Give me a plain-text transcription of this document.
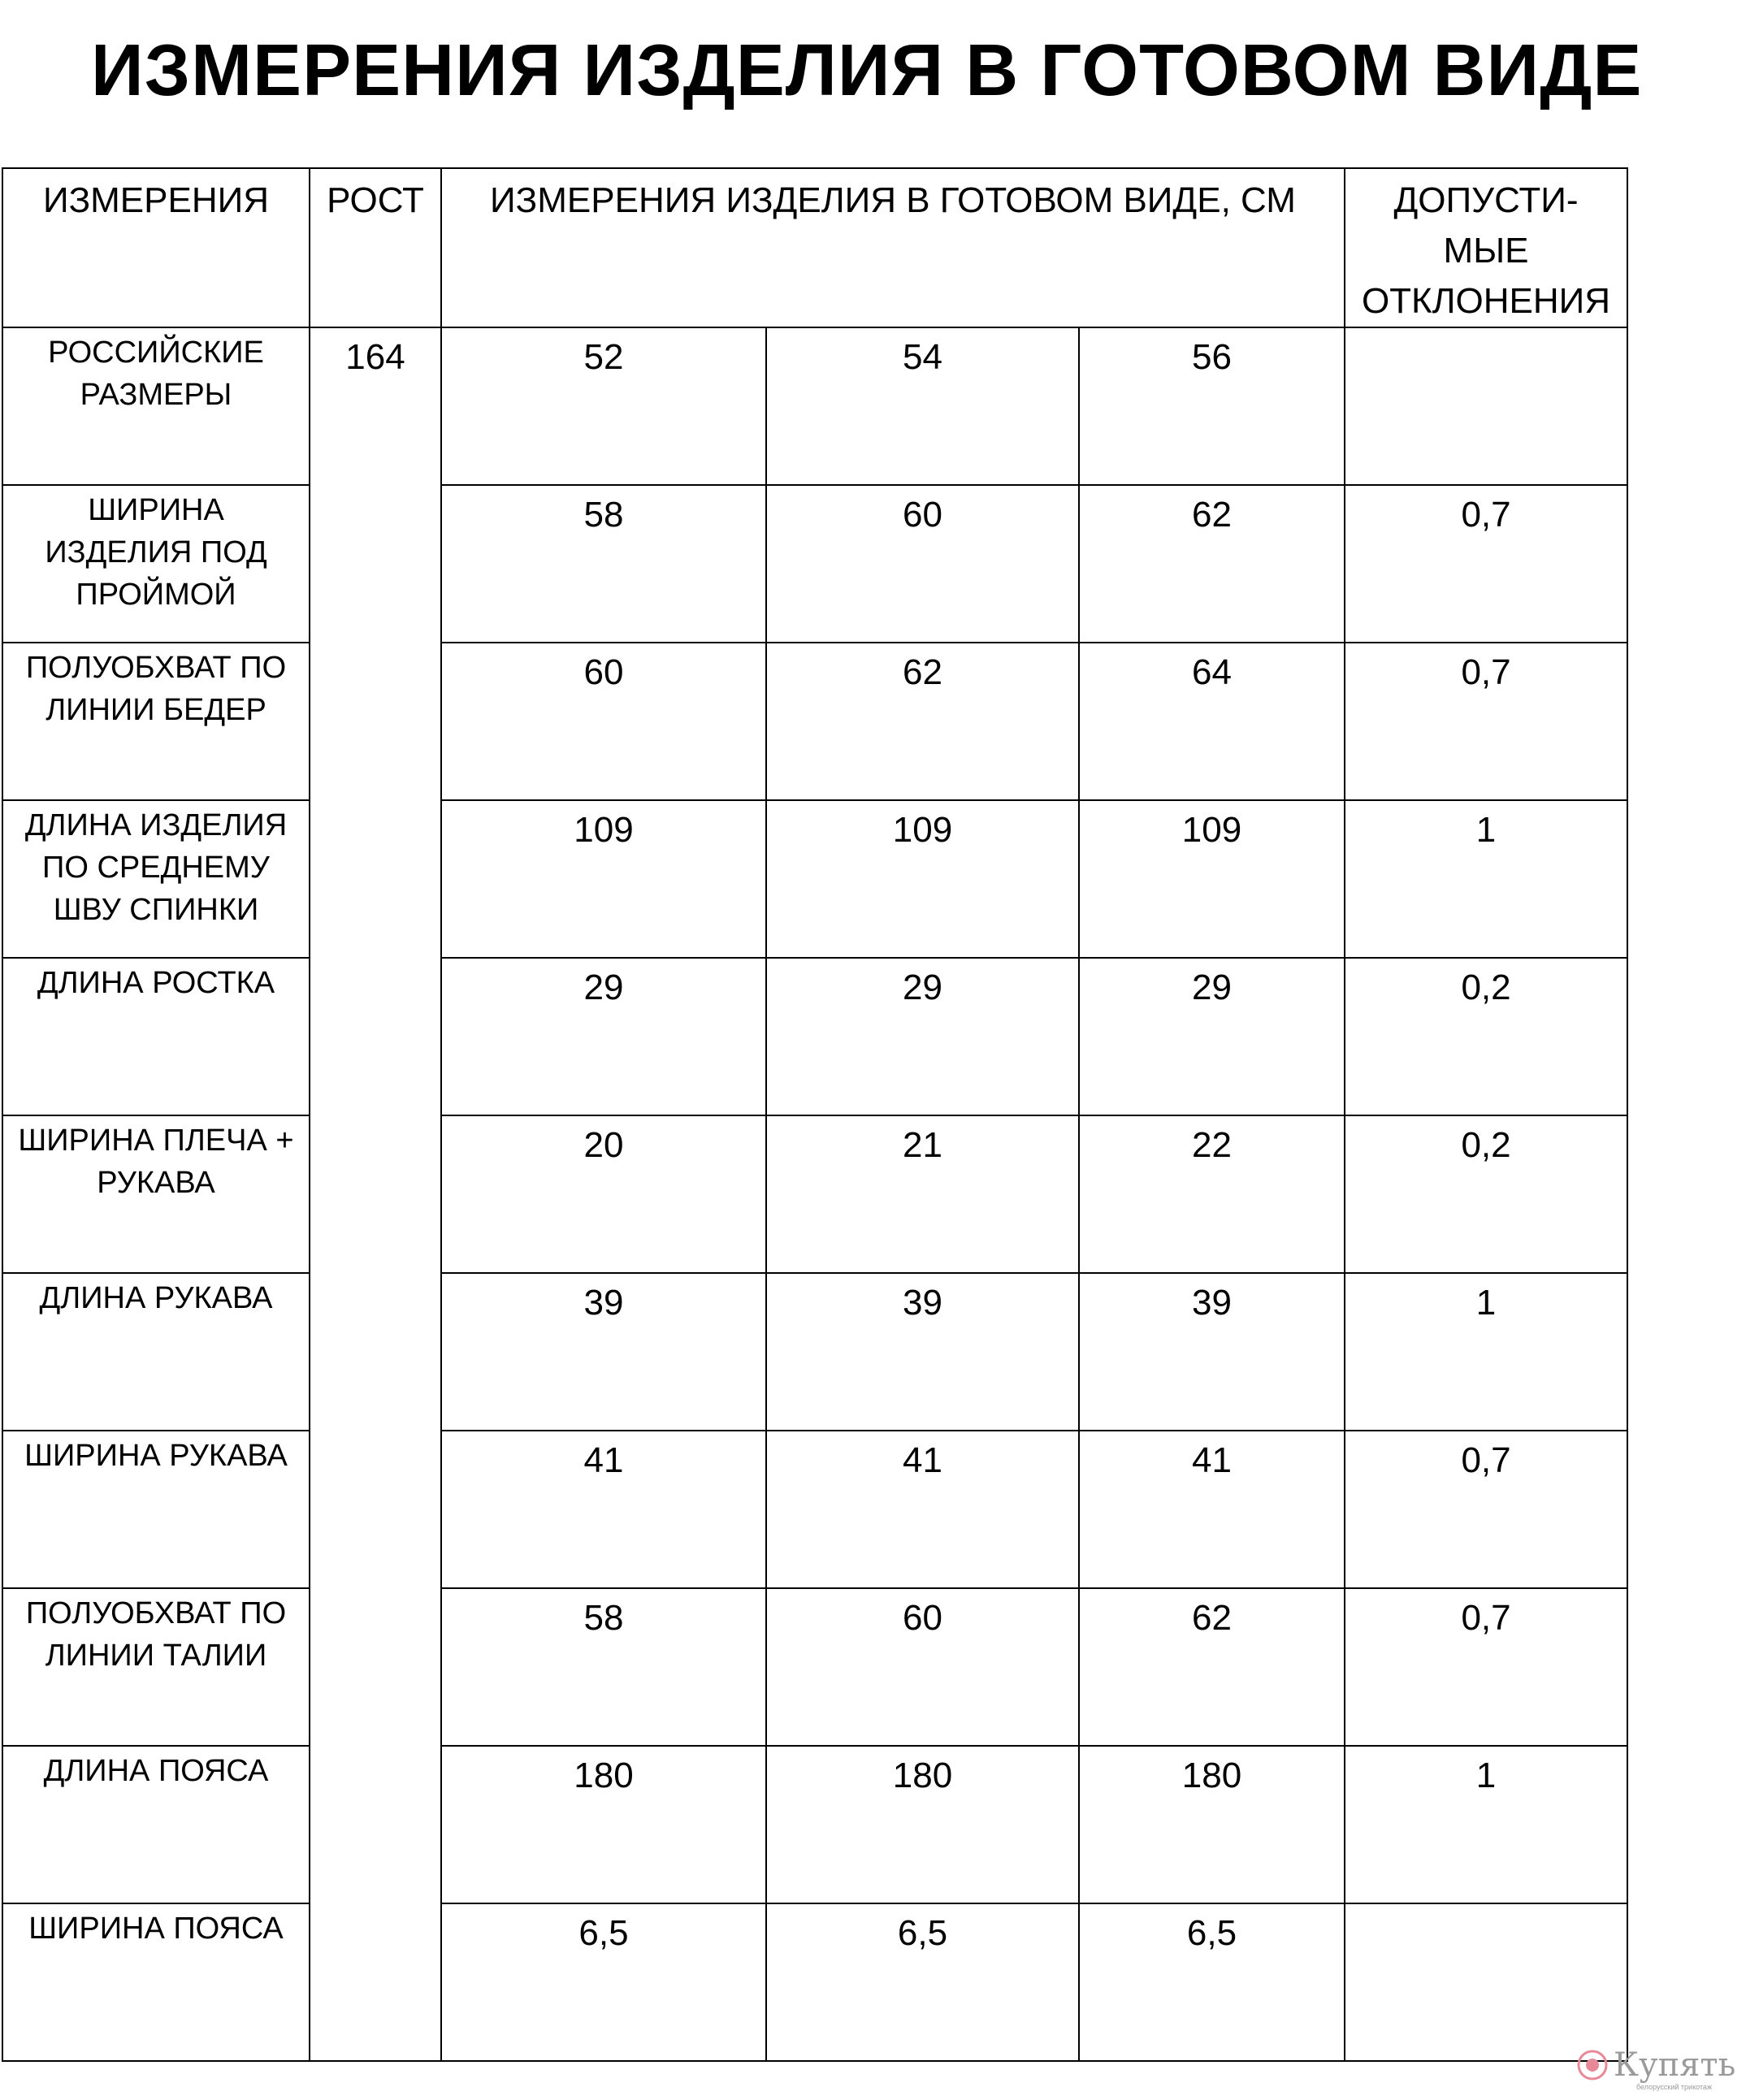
ИЗМЕРЕНИЯ ИЗДЕЛИЯ В ГОТОВОМ ВИДЕ
ИЗМЕРЕНИЯ	РОСТ	ИЗМЕРЕНИЯ ИЗДЕЛИЯ В ГОТОВОМ ВИДЕ, СМ			ДОПУСТИ-
МЫЕ
ОТКЛОНЕНИЯ

РОССИЙСКИЕ
РАЗМЕРЫ	164	52	54	56	

ШИРИНА
ИЗДЕЛИЯ ПОД
ПРОЙМОЙ		58	60	62	0,7

ПОЛУОБХВАТ ПО
ЛИНИИ БЕДЕР		60	62	64	0,7

ДЛИНА ИЗДЕЛИЯ
ПО СРЕДНЕМУ
ШВУ СПИНКИ		109	109	109	1

ДЛИНА РОСТКА		29	29	29	0,2

ШИРИНА ПЛЕЧА +
РУКАВА		20	21	22	0,2

ДЛИНА РУКАВА		39	39	39	1

ШИРИНА РУКАВА		41	41	41	0,7

ПОЛУОБХВАТ ПО
ЛИНИИ ТАЛИИ		58	60	62	0,7

ДЛИНА ПОЯСА		180	180	180	1

ШИРИНА ПОЯСА		6,5	6,5	6,5	
Купять
белорусский трикотаж
